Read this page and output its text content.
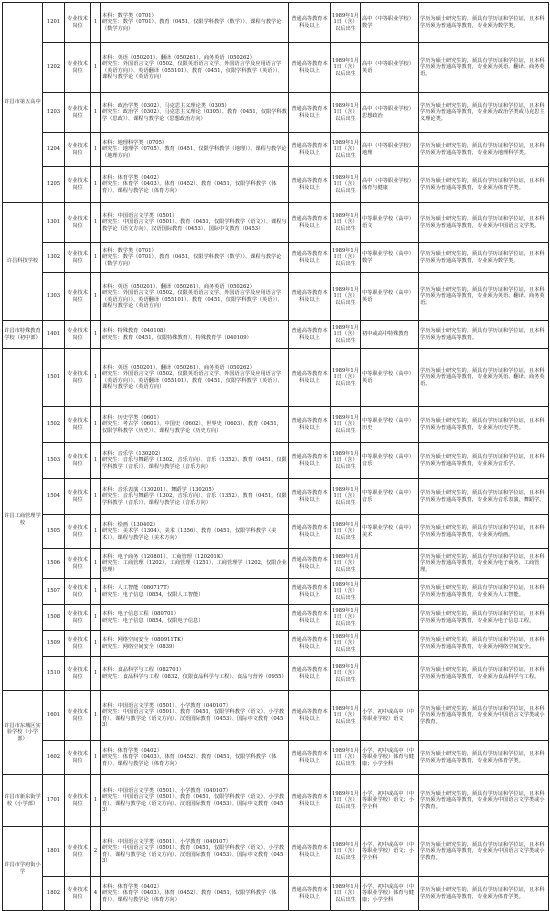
许昌市第五高中	1201	专业技术岗位	1	本科：数学类（0701）
研究生：数学（0701）、教育（0451，仅限学科教学（数学））、课程与教学论（数学方向）	普通高等教育本科及以上	1989年1月1日（含）以后出生	高中（中等职业学校）数学	学历为硕士研究生的，须具有学历证和学位证，且本科学历须为普通高等教育，专业须为数学类。
	1202	专业技术岗位	1	本科：英语（050201）、翻译（050261）、商务英语（050262）
研究生：外国语言文学（0502，仅限英语语言文学、外国语言学及应用语言学（英语方向））、英语翻译（055101）、教育（0451，仅限学科教学（英语））、课程与教学论（英语方向）	普通高等教育本科及以上	1989年1月1日（含）以后出生	高中（中等职业学校）英语	学历为硕士研究生的，须具有学历证和学位证，且本科学历须为普通高等教育，专业须为英语、翻译、商务英语。
	1203	专业技术岗位	1	本科：政治学类（0302）、马克思主义理论类（0305）
研究生：政治学（0302）、马克思主义理论（0305）、教育（0451，仅限学科教学（思政））、课程与教学论（思想政治方向）	普通高等教育本科及以上	1989年1月1日（含）以后出生	高中（中等职业学校）思想政治	学历为硕士研究生的，须具有学历证和学位证，且本科学历须为普通高等教育，专业须为政治学类或马克思主义理论类。
	1204	专业技术岗位	1	本科：地理科学类（0705）
研究生：地理学（0705）、教育（0451，仅限学科教学（地理））、课程与教学论（地理方向）	普通高等教育本科及以上	1989年1月1日（含）以后出生	高中（中等职业学校）地理	学历为硕士研究生的，须具有学历证和学位证，且本科学历须为普通高等教育，专业须为地理科学类。
	1205	专业技术岗位	1	本科：体育学类（0402）
研究生：体育学（0403）、体育（0452）、教育（0451，仅限学科教学（体育））、课程与教学论（体育方向）	普通高等教育本科及以上	1989年1月1日（含）以后出生	高中（中等职业学校）体育与健康	学历为硕士研究生的，须具有学历证和学位证，且本科学历须为普通高等教育，专业须为体育学类。
许昌科技学校	1301	专业技术岗位	1	本科：中国语言文学类（0501）
研究生：中国语言文学（0501）、教育（0451，仅限学科教学（语文））、课程与教学论（语文方向）、汉语国际教育（0453）、国际中文教育（0453）	普通高等教育本科及以上	1989年1月1日（含）以后出生	中等职业学校（高中）语文	学历为硕士研究生的，须具有学历证和学位证，且本科学历须为普通高等教育，专业须为中国语言文学类。
	1302	专业技术岗位	1	本科：数学类（0701）
研究生：数学（0701）、教育（0451，仅限学科教学（数学））、课程与教学论（数学方向）	普通高等教育本科及以上	1989年1月1日（含）以后出生	中等职业学校（高中）数学	学历为硕士研究生的，须具有学历证和学位证，且本科学历须为普通高等教育，专业须为数学类。
	1303	专业技术岗位	1	本科：英语（050201）、翻译（050261）、商务英语（050262）
研究生：外国语言文学（0502，仅限英语语言文学、外国语言学及应用语言学（英语方向））、英语翻译（055101）、教育（0451，仅限学科教学（英语））、课程与教学论（英语方向）	普通高等教育本科及以上	1989年1月1日（含）以后出生	中等职业学校（高中）英语	学历为硕士研究生的，须具有学历证和学位证，且本科学历须为普通高等教育，专业须为英语、翻译、商务英语。
许昌市特殊教育学校（初中部）	1401	专业技术岗位	1	本科：特殊教育（040108）
研究生：教育（0451，仅限特殊教育）、特殊教育学（040109）	普通高等教育本科及以上	1989年1月1日（含）以后出生	初中或高中特殊教育	学历为硕士研究生的，须具有学历证和学位证，且本科学历须为普通高等教育。
许昌工商管理学校	1501	专业技术岗位	1	本科：英语（050201）、翻译（050261）、商务英语（050262）
研究生：外国语言文学（0502，仅限英语语言文学、外国语言学及应用语言学（英语方向））、英语翻译（055101）、教育（0451，仅限学科教学（英语））、课程与教学论（英语方向）	普通高等教育本科及以上	1989年1月1日（含）以后出生	中等职业学校（高中）英语	学历为硕士研究生的，须具有学历证和学位证，且本科学历须为普通高等教育，专业须为英语、翻译、商务英语。
	1502	专业技术岗位	1	本科：历史学类（0601）
研究生：考古学（0601）、中国史（0602）、世界史（0603）、教育（0451，仅限学科教学（历史））、课程与教学论（历史方向）	普通高等教育本科及以上	1989年1月1日（含）以后出生	中等职业学校（高中）历史	学历为硕士研究生的，须具有学历证和学位证，且本科学历须为普通高等教育，专业须为历史学类。
	1503	专业技术岗位	1	本科：音乐学（130202）
研究生：音乐与舞蹈学（1302，音乐方向）、音乐（1352）、教育（0451，仅限学科教学（音乐））、课程与教学论（音乐方向）	普通高等教育本科及以上	1989年1月1日（含）以后出生	中等职业学校（高中）音乐	学历为硕士研究生的，须具有学历证和学位证，且本科学历须为普通高等教育，专业须为音乐学。
	1504	专业技术岗位	1	本科：音乐表演（130201）、舞蹈学（130205）
研究生：音乐与舞蹈学（1302，音乐方向）、音乐（1352）、教育（0451，仅限学科教学（音乐））、课程与教学论（音乐方向）	普通高等教育本科及以上	1989年1月1日（含）以后出生	中等职业学校（高中）音乐	学历为硕士研究生的，须具有学历证和学位证，且本科学历须为普通高等教育，专业须为音乐表演、舞蹈学。
	1505	专业技术岗位	1	本科：绘画（130402）
研究生：美术学（1304）、美术（1356）、教育（0451，仅限学科教学（美术））、课程与教学论（美术方向）	普通高等教育本科及以上	1989年1月1日（含）以后出生	中等职业学校（高中）美术	学历为硕士研究生的，须具有学历证和学位证，且本科学历须为普通高等教育，专业须为绘画。
	1506	专业技术岗位	1	本科：电子商务（120801）、工商管理（120201K）
研究生：工商管理（1202）、工商管理（1251）、工商管理学（1202，仅限企业管理）	普通高等教育本科及以上	1989年1月1日（含）以后出生		学历为硕士研究生的，须具有学历证和学位证，且本科学历须为普通高等教育，专业须为电子商务、工商管理。
	1507	专业技术岗位	1	本科：人工智能（080717T）
研究生：电子信息（0854，仅限人工智能）	普通高等教育本科及以上	1989年1月1日（含）以后出生		学历为硕士研究生的，须具有学历证和学位证，且本科学历须为普通高等教育，专业须为人工智能。
	1508	专业技术岗位	1	本科：电子信息工程（080701）
研究生：电子信息（0854，仅限电子信息）	普通高等教育本科及以上	1989年1月1日（含）以后出生		学历为硕士研究生的，须具有学历证和学位证，且本科学历须为普通高等教育，专业须为电子信息工程。
	1509	专业技术岗位	1	本科：网络空间安全（080911TK）
研究生：网络空间安全（0839）	普通高等教育本科及以上	1989年1月1日（含）以后出生		学历为硕士研究生的，须具有学历证和学位证，且本科学历须为普通高等教育，专业须为网络空间安全。
	1510	专业技术岗位	1	本科：食品科学与工程（082701）
研究生：食品科学与工程（0832，仅限食品科学与工程）、食品与营养（0955）	普通高等教育本科及以上	1989年1月1日（含）以后出生		学历为硕士研究生的，须具有学历证和学位证，且本科学历须为普通高等教育，专业须为食品科学与工程。
许昌市东城区实验学校（小学部）	1601	专业技术岗位	1	本科：中国语言文学类（0501）、小学教育（040107）
研究生：中国语言文学（0501）、教育（0451，仅限学科教学（语文）、小学教育）、课程与教学论（语文方向）、汉语国际教育（0453）、国际中文教育（0453）	普通高等教育本科及以上	1989年1月1日（含）以后出生	小学、初中或高中（中等职业学校）语文	学历为硕士研究生的，须具有学历证和学位证，且本科学历须为普通高等教育，专业须为中国语言文学类或小学教育。
	1602	专业技术岗位	1	本科：体育学类（0402）
研究生：体育学（0403）、体育（0452）、教育（0451，仅限学科教学（体育））、课程与教学论（体育方向）	普通高等教育本科及以上	1989年1月1日（含）以后出生	小学、初中或高中（中等职业学校）体育与健康；小学全科	学历为硕士研究生的，须具有学历证和学位证，且本科学历须为普通高等教育，专业须为体育学类。
许昌市新东街学校（小学部）	1701	专业技术岗位	1	本科：中国语言文学类（0501）、小学教育（040107）
研究生：中国语言文学（0501）、教育（0451，仅限学科教学（语文）、小学教育）、课程与教学论（语文方向）、汉语国际教育（0453）、国际中文教育（0453）	普通高等教育本科及以上	1989年1月1日（含）以后出生	小学、初中或高中（中等职业学校）语文；小学全科	学历为硕士研究生的，须具有学历证和学位证，且本科学历须为普通高等教育，专业须为中国语言文学类或小学教育。
许昌市学府街小学	1801	专业技术岗位	2	本科：中国语言文学类（0501）、小学教育（040107）
研究生：中国语言文学（0501）、教育（0451，仅限学科教学（语文）、小学教育）、课程与教学论（语文方向）、汉语国际教育（0453）、国际中文教育（0453）	普通高等教育本科及以上	1989年1月1日（含）以后出生	小学、初中或高中（中等职业学校）语文；小学全科	学历为硕士研究生的，须具有学历证和学位证，且本科学历须为普通高等教育，专业须为中国语言文学类或小学教育。
	1802	专业技术岗位	4	本科：体育学类（0402）
研究生：体育学（0403）、体育（0452）、教育（0451，仅限学科教学（体育））、课程与教学论（体育方向）	普通高等教育本科及以上	1989年1月1日（含）以后出生	小学、初中或高中（中等职业学校）体育与健康；小学全科	学历为硕士研究生的，须具有学历证和学位证，且本科学历须为普通高等教育，专业须为体育学类。
